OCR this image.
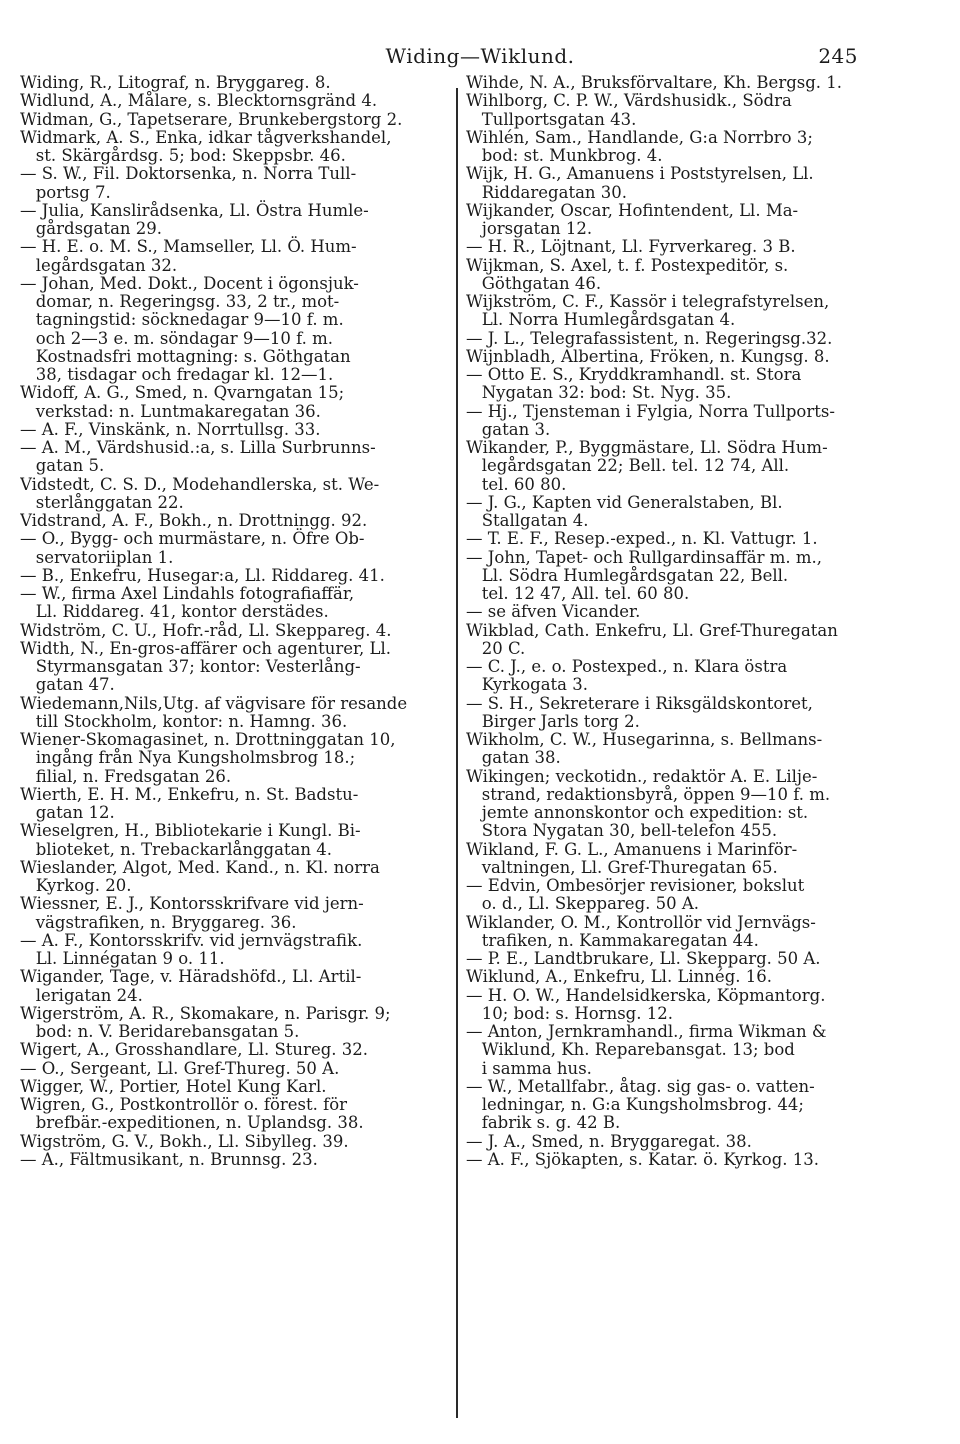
Widing—Wiklund.	245
Widing, R., Litograf, n. Bryggareg. 8.
Widlund, A., Målare, s. Blecktornsgränd 4.
Widman, G., Tapetserare, Brunkebergstorg 2.
Widmark, A. S., Enka, idkar tågverkshandel,
st. Skärgårdsg. 5; bod: Skeppsbr. 46.
— S. W., Fil. Doktorsenka, n. Norra Tull-
portsg 7.
— Julia, Kanslirådsenka, Ll. Östra Humle-
gårdsgatan 29.
— H. E. o. M. S., Mamseller, Ll. Ö. Hum-
legårdsgatan 32.
— Johan, Med. Dokt., Docent i ögonsjuk-
domar, n. Regeringsg. 33, 2 tr., mot-
tagningstid: söcknedagar 9—10 f. m.
och 2—3 e. m. söndagar 9—10 f. m.
Kostnadsfri mottagning: s. Göthgatan
38, tisdagar och fredagar kl. 12—1.
Widoff, A. G., Smed, n. Qvarngatan 15;
verkstad: n. Luntmakaregatan 36.
— A. F., Vinskänk, n. Norrtullsg. 33.
— A. M., Värdshusid.:a, s. Lilla Surbrunns-
gatan 5.
Vidstedt, C. S. D., Modehandlerska, st. We-
sterlånggatan 22.
Vidstrand, A. F., Bokh., n. Drottningg. 92.
— O., Bygg- och murmästare, n. Öfre Ob-
servatoriiplan 1.
— B., Enkefru, Husegar:a, Ll. Riddareg. 41.
— W., firma Axel Lindahls fotografiaffär,
Ll. Riddareg. 41, kontor derstädes.
Widström, C. U., Hofr.-råd, Ll. Skeppareg. 4.
Width, N., En-gros-affärer och agenturer, Ll.
Styrmansgatan 37; kontor: Vesterlång-
gatan 47.
Wiedemann,Nils,Utg. af vägvisare för resande
till Stockholm, kontor: n. Hamng. 36.
Wiener-Skomagasinet, n. Drottninggatan 10,
ingång från Nya Kungsholmsbrog 18.;
filial, n. Fredsgatan 26.
Wierth, E. H. M., Enkefru, n. St. Badstu-
gatan 12.
Wieselgren, H., Bibliotekarie i Kungl. Bi-
blioteket, n. Trebackarlånggatan 4.
Wieslander, Algot, Med. Kand., n. Kl. norra
Kyrkog. 20.
Wiessner, E. J., Kontorsskrifvare vid jern-
vägstrafiken, n. Bryggareg. 36.
— A. F., Kontorsskrifv. vid jernvägstrafik.
Ll. Linnégatan 9 o. 11.
Wigander, Tage, v. Häradshöfd., Ll. Artil-
lerigatan 24.
Wigerström, A. R., Skomakare, n. Parisgr. 9;
bod: n. V. Beridarebansgatan 5.
Wigert, A., Grosshandlare, Ll. Stureg. 32.
— O., Sergeant, Ll. Gref-Thureg. 50 A.
Wigger, W., Portier, Hotel Kung Karl.
Wigren, G., Postkontrollör o. förest. för
brefbär.-expeditionen, n. Uplandsg. 38.
Wigström, G. V., Bokh., Ll. Sibylleg. 39.
— A., Fältmusikant, n. Brunnsg. 23.
Wihde, N. A., Bruksförvaltare, Kh. Bergsg. 1.
Wihlborg, C. P. W., Värdshusidk., Södra
Tullportsgatan 43.
Wihlén, Sam., Handlande, G:a Norrbro 3;
bod: st. Munkbrog. 4.
Wijk, H. G., Amanuens i Poststyrelsen, Ll.
Riddaregatan 30.
Wijkander, Oscar, Hofintendent, Ll. Ma-
jorsgatan 12.
— H. R., Löjtnant, Ll. Fyrverkareg. 3 B.
Wijkman, S. Axel, t. f. Postexpeditör, s.
Göthgatan 46.
Wijkström, C. F., Kassör i telegrafstyrelsen,
Ll. Norra Humlegårdsgatan 4.
— J. L., Telegrafassistent, n. Regeringsg.32.
Wijnbladh, Albertina, Fröken, n. Kungsg. 8.
— Otto E. S., Kryddkramhandl. st. Stora
Nygatan 32: bod: St. Nyg. 35.
— Hj., Tjensteman i Fylgia, Norra Tullports-
gatan 3.
Wikander, P., Byggmästare, Ll. Södra Hum-
legårdsgatan 22; Bell. tel. 12 74, All.
tel. 60 80.
— J. G., Kapten vid Generalstaben, Bl.
Stallgatan 4.
— T. E. F., Resep.-exped., n. Kl. Vattugr. 1.
— John, Tapet- och Rullgardinsaffär m. m.,
Ll. Södra Humlegårdsgatan 22, Bell.
tel. 12 47, All. tel. 60 80.
— se äfven Vicander.
Wikblad, Cath. Enkefru, Ll. Gref-Thuregatan
20 C.
— C. J., e. o. Postexped., n. Klara östra
Kyrkogata 3.
— S. H., Sekreterare i Riksgäldskontoret,
Birger Jarls torg 2.
Wikholm, C. W., Husegarinna, s. Bellmans-
gatan 38.
Wikingen; veckotidn., redaktör A. E. Lilje-
strand, redaktionsbyrå, öppen 9—10 f. m.
jemte annonskontor och expedition: st.
Stora Nygatan 30, bell-telefon 455.
Wikland, F. G. L., Amanuens i Marinför-
valtningen, Ll. Gref-Thuregatan 65.
— Edvin, Ombesörjer revisioner, bokslut
o. d., Ll. Skeppareg. 50 A.
Wiklander, O. M., Kontrollör vid Jernvägs-
trafiken, n. Kammakaregatan 44.
— P. E., Landtbrukare, Ll. Skepparg. 50 A.
Wiklund, A., Enkefru, Ll. Linnég. 16.
— H. O. W., Handelsidkerska, Köpmantorg.
10; bod: s. Hornsg. 12.
— Anton, Jernkramhandl., firma Wikman &
Wiklund, Kh. Reparebansgat. 13; bod
i samma hus.
— W., Metallfabr., åtag. sig gas- o. vatten-
ledningar, n. G:a Kungsholmsbrog. 44;
fabrik s. g. 42 B.
— J. A., Smed, n. Bryggaregat. 38.
— A. F., Sjökapten, s. Katar. ö. Kyrkog. 13.
